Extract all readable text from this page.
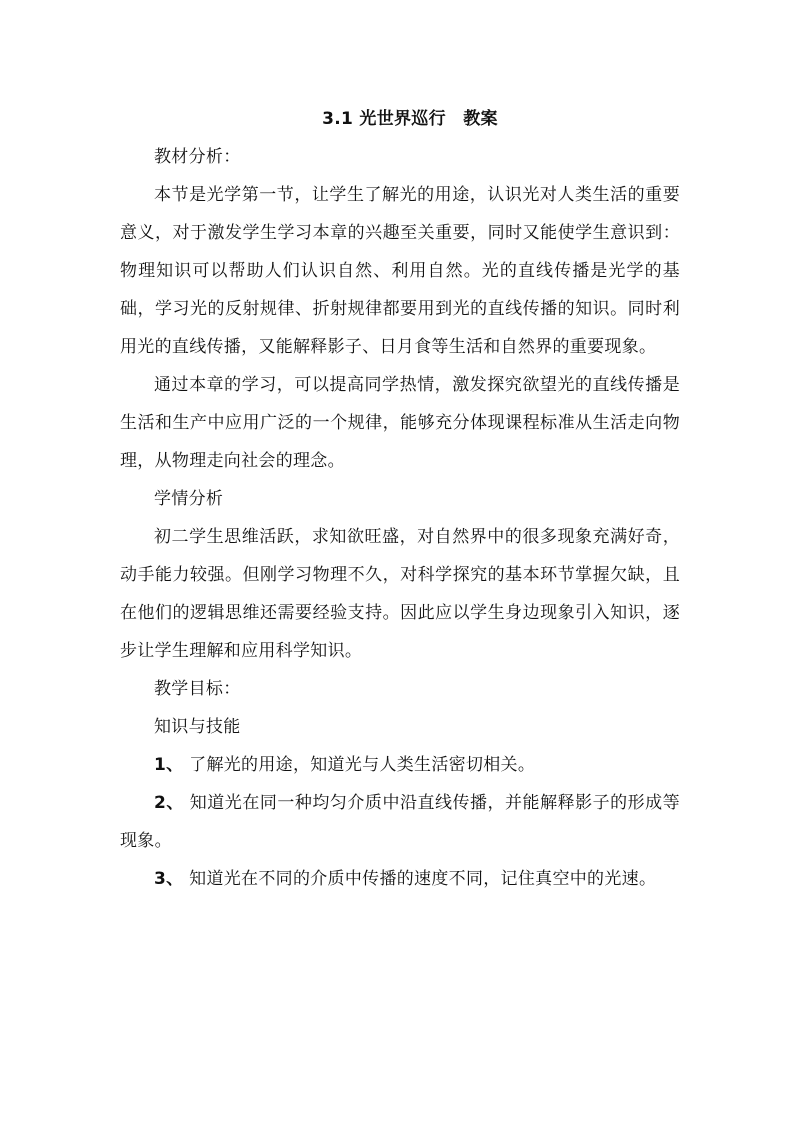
3.1 光世界巡行　教案
教材分析：
本节是光学第一节，让学生了解光的用途，认识光对人类生活的重要意义，对于激发学生学习本章的兴趣至关重要，同时又能使学生意识到：物理知识可以帮助人们认识自然、利用自然。光的直线传播是光学的基础，学习光的反射规律、折射规律都要用到光的直线传播的知识。同时利用光的直线传播，又能解释影子、日月食等生活和自然界的重要现象。
通过本章的学习，可以提高同学热情，激发探究欲望光的直线传播是生活和生产中应用广泛的一个规律，能够充分体现课程标准从生活走向物理，从物理走向社会的理念。
学情分析
初二学生思维活跃，求知欲旺盛，对自然界中的很多现象充满好奇，动手能力较强。但刚学习物理不久，对科学探究的基本环节掌握欠缺，且在他们的逻辑思维还需要经验支持。因此应以学生身边现象引入知识，逐步让学生理解和应用科学知识。
教学目标：
知识与技能
1、 了解光的用途，知道光与人类生活密切相关。
2、 知道光在同一种均匀介质中沿直线传播，并能解释影子的形成等现象。
3、 知道光在不同的介质中传播的速度不同，记住真空中的光速。
